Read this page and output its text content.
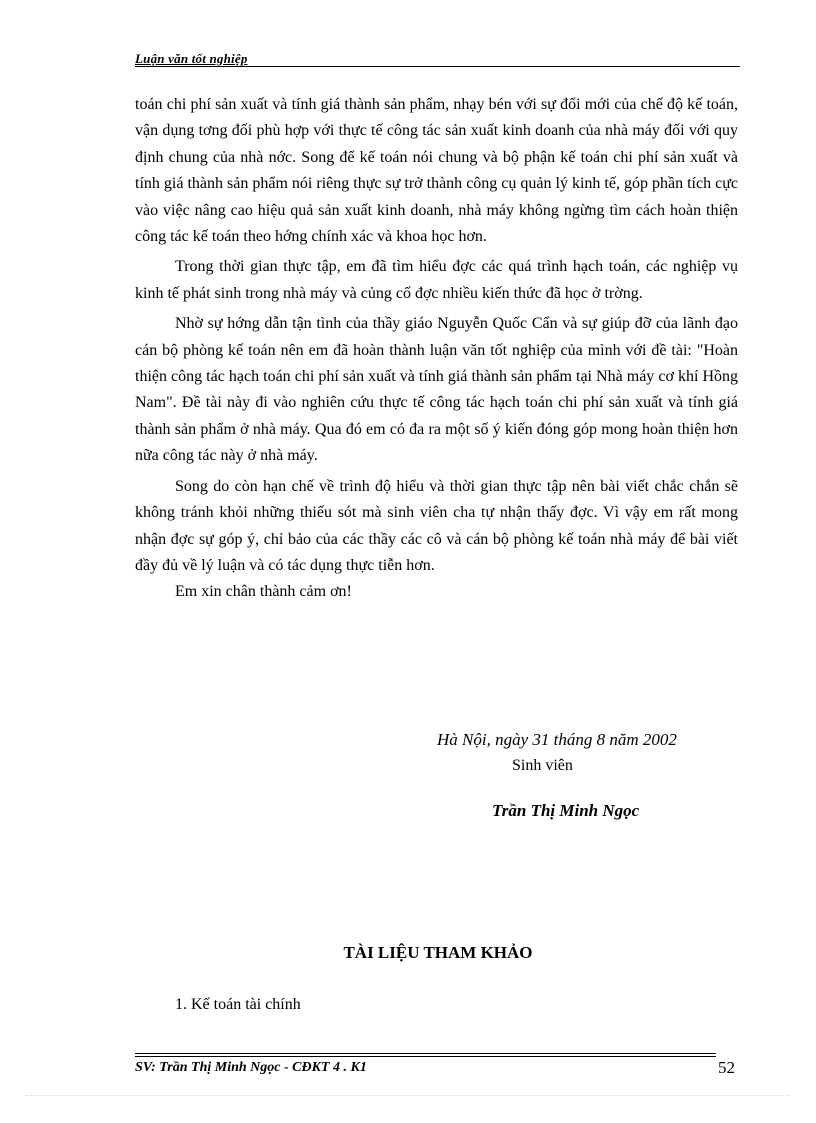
Luận văn tốt nghiệp

toán chi phí sản xuất và tính giá thành sản phẩm, nhạy bén với sự đổi mới của chế độ kế toán, vận dụng tơng đối phù hợp với thực tế công tác sản xuất kinh doanh của nhà máy đối với quy định chung của nhà nớc. Song để kế toán nói chung và bộ phận kế toán chi phí sản xuất và tính giá thành sản phẩm nói riêng thực sự trở thành công cụ quản lý kinh tế, góp phần tích cực vào việc nâng cao hiệu quả sản xuất kinh doanh, nhà máy không ngừng tìm cách hoàn thiện công tác kế toán theo hớng chính xác và khoa học hơn.

Trong thời gian thực tập, em đã tìm hiểu đợc các quá trình hạch toán, các nghiệp vụ kinh tế phát sinh trong nhà máy và củng cố đợc nhiều kiến thức đã học ở trờng.

Nhờ sự hớng dẫn tận tình của thầy giáo Nguyễn Quốc Cẩn và sự giúp đỡ của lãnh đạo cán bộ phòng kế toán nên em đã hoàn thành luận văn tốt nghiệp của mình với đề tài: "Hoàn thiện công tác hạch toán chi phí sản xuất và tính giá thành sản phẩm tại Nhà máy cơ khí Hồng Nam". Đề tài này đi vào nghiên cứu thực tế công tác hạch toán chi phí sản xuất và tính giá thành sản phẩm ở nhà máy. Qua đó em có đa ra một số ý kiến đóng góp mong hoàn thiện hơn nữa công tác này ở nhà máy.

Song do còn hạn chế về trình độ hiểu và thời gian thực tập nên bài viết chắc chắn sẽ không tránh khỏi những thiếu sót mà sinh viên cha tự nhận thấy đợc. Vì vậy em rất mong nhận đợc sự góp ý, chỉ bảo của các thầy các cô và cán bộ phòng kế toán nhà máy để bài viết đầy đủ về lý luận và có tác dụng thực tiễn hơn.

Em xin chân thành cảm ơn!

Hà Nội, ngày 31 tháng 8 năm 2002
Sinh viên
Trần Thị Minh Ngọc
TÀI LIỆU THAM KHẢO
1. Kế toán tài chính
SV: Trần Thị Minh Ngọc - CĐKT 4 . K1	52
